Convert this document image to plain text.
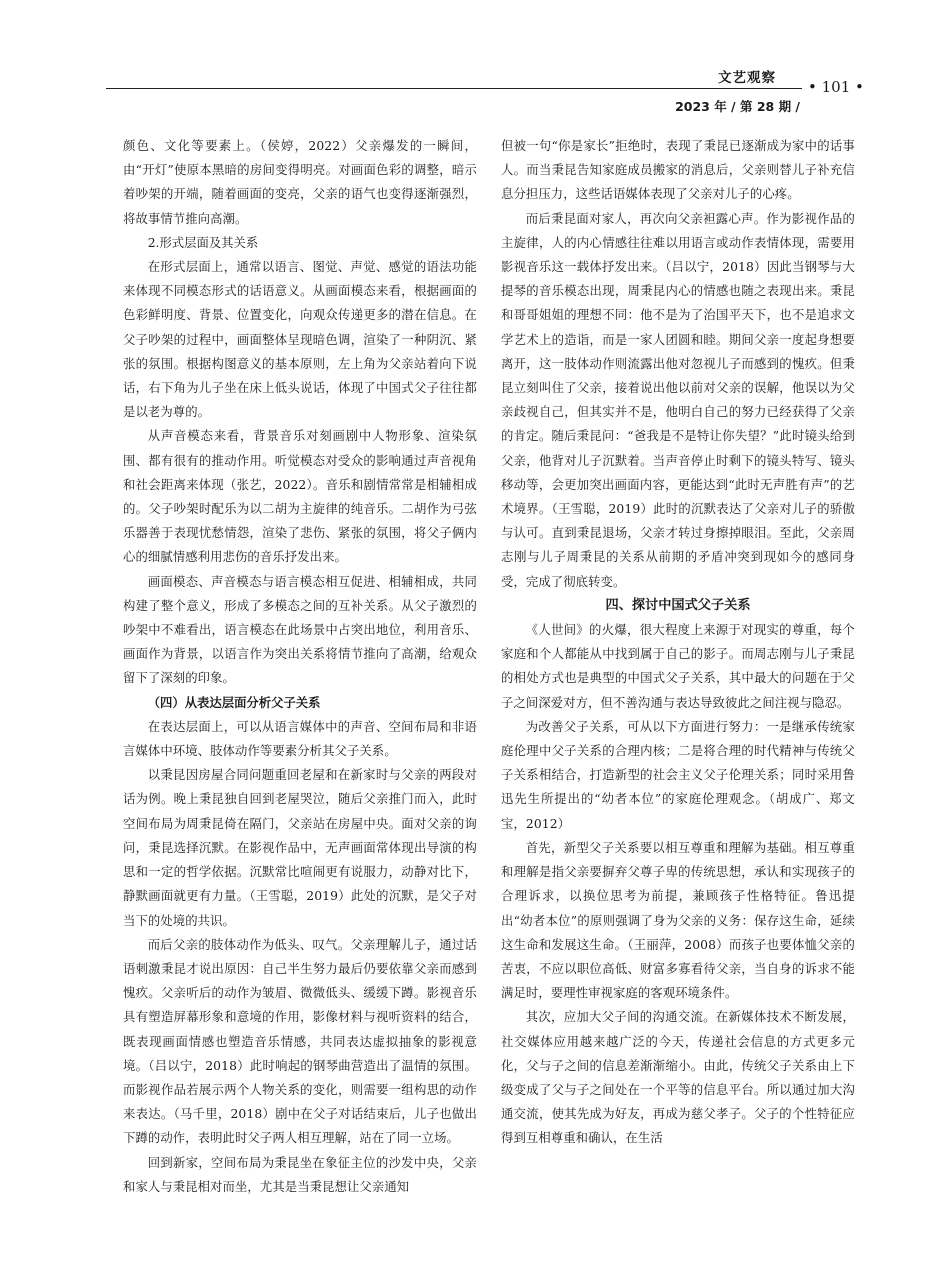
文艺观察 • 101 •
2023 年 / 第 28 期 /

颜色、文化等要素上。（侯婷，2022）父亲爆发的一瞬间，由“开灯”使原本黑暗的房间变得明亮。对画面色彩的调整，暗示着吵架的开端，随着画面的变亮，父亲的语气也变得逐渐强烈，将故事情节推向高潮。

2.形式层面及其关系

在形式层面上，通常以语言、图觉、声觉、感觉的语法功能来体现不同模态形式的话语意义。从画面模态来看，根据画面的色彩鲜明度、背景、位置变化，向观众传递更多的潜在信息。在父子吵架的过程中，画面整体呈现暗色调，渲染了一种阴沉、紧张的氛围。根据构图意义的基本原则，左上角为父亲站着向下说话，右下角为儿子坐在床上低头说话，体现了中国式父子往往都是以老为尊的。

从声音模态来看，背景音乐对刻画剧中人物形象、渲染氛围、都有很有的推动作用。听觉模态对受众的影响通过声音视角和社会距离来体现（张艺，2022）。音乐和剧情常常是相辅相成的。父子吵架时配乐为以二胡为主旋律的纯音乐。二胡作为弓弦乐器善于表现忧愁情怨，渲染了悲伤、紧张的氛围，将父子俩内心的细腻情感利用悲伤的音乐抒发出来。

画面模态、声音模态与语言模态相互促进、相辅相成，共同构建了整个意义，形成了多模态之间的互补关系。从父子激烈的吵架中不难看出，语言模态在此场景中占突出地位，利用音乐、画面作为背景，以语言作为突出关系将情节推向了高潮，给观众留下了深刻的印象。

（四）从表达层面分析父子关系

在表达层面上，可以从语言媒体中的声音、空间布局和非语言媒体中环境、肢体动作等要素分析其父子关系。

以秉昆因房屋合同问题重回老屋和在新家时与父亲的两段对话为例。晚上秉昆独自回到老屋哭泣，随后父亲推门而入，此时空间布局为周秉昆倚在隔门，父亲站在房屋中央。面对父亲的询问，秉昆选择沉默。在影视作品中，无声画面常体现出导演的构思和一定的哲学依据。沉默常比喧闹更有说服力，动静对比下，静默画面就更有力量。（王雪聪，2019）此处的沉默，是父子对当下的处境的共识。

而后父亲的肢体动作为低头、叹气。父亲理解儿子，通过话语刺激秉昆才说出原因：自己半生努力最后仍要依靠父亲而感到愧疚。父亲听后的动作为皱眉、微微低头、缓缓下蹲。影视音乐具有塑造屏幕形象和意境的作用，影像材料与视听资料的结合，既表现画面情感也塑造音乐情感，共同表达虚拟抽象的影视意境。（吕以宁，2018）此时响起的钢琴曲营造出了温情的氛围。而影视作品若展示两个人物关系的变化，则需要一组构思的动作来表达。（马千里，2018）剧中在父子对话结束后，儿子也做出下蹲的动作，表明此时父子两人相互理解，站在了同一立场。

回到新家，空间布局为秉昆坐在象征主位的沙发中央，父亲和家人与秉昆相对而坐，尤其是当秉昆想让父亲通知

但被一句“你是家长”拒绝时，表现了秉昆已逐渐成为家中的话事人。而当秉昆告知家庭成员搬家的消息后，父亲则替儿子补充信息分担压力，这些话语媒体表现了父亲对儿子的心疼。

而后秉昆面对家人，再次向父亲袒露心声。作为影视作品的主旋律，人的内心情感往往难以用语言或动作表情体现，需要用影视音乐这一载体抒发出来。（吕以宁，2018）因此当钢琴与大提琴的音乐模态出现，周秉昆内心的情感也随之表现出来。秉昆和哥哥姐姐的理想不同：他不是为了治国平天下，也不是追求文学艺术上的造诣，而是一家人团圆和睦。期间父亲一度起身想要离开，这一肢体动作则流露出他对忽视儿子而感到的愧疚。但秉昆立刻叫住了父亲，接着说出他以前对父亲的误解，他误以为父亲歧视自己，但其实并不是，他明白自己的努力已经获得了父亲的肯定。随后秉昆问：“爸我是不是特让你失望？”此时镜头给到父亲，他背对儿子沉默着。当声音停止时剩下的镜头特写、镜头移动等，会更加突出画面内容，更能达到“此时无声胜有声”的艺术境界。（王雪聪，2019）此时的沉默表达了父亲对儿子的骄傲与认可。直到秉昆退场，父亲才转过身擦掉眼泪。至此，父亲周志刚与儿子周秉昆的关系从前期的矛盾冲突到现如今的感同身受，完成了彻底转变。

四、探讨中国式父子关系

《人世间》的火爆，很大程度上来源于对现实的尊重，每个家庭和个人都能从中找到属于自己的影子。而周志刚与儿子秉昆的相处方式也是典型的中国式父子关系，其中最大的问题在于父子之间深爱对方，但不善沟通与表达导致彼此之间注视与隐忍。

为改善父子关系，可从以下方面进行努力：一是继承传统家庭伦理中父子关系的合理内核；二是将合理的时代精神与传统父子关系相结合，打造新型的社会主义父子伦理关系；同时采用鲁迅先生所提出的“幼者本位”的家庭伦理观念。（胡成广、郑文宝，2012）

首先，新型父子关系要以相互尊重和理解为基础。相互尊重和理解是指父亲要摒弃父尊子卑的传统思想，承认和实现孩子的合理诉求，以换位思考为前提，兼顾孩子性格特征。鲁迅提出“幼者本位”的原则强调了身为父亲的义务：保存这生命，延续这生命和发展这生命。（王丽萍，2008）而孩子也要体恤父亲的苦衷，不应以职位高低、财富多寡看待父亲，当自身的诉求不能满足时，要理性审视家庭的客观环境条件。

其次，应加大父子间的沟通交流。在新媒体技术不断发展，社交媒体应用越来越广泛的今天，传递社会信息的方式更多元化，父与子之间的信息差渐渐缩小。由此，传统父子关系由上下级变成了父与子之间处在一个平等的信息平台。所以通过加大沟通交流，使其先成为好友，再成为慈父孝子。父子的个性特征应得到互相尊重和确认，在生活
